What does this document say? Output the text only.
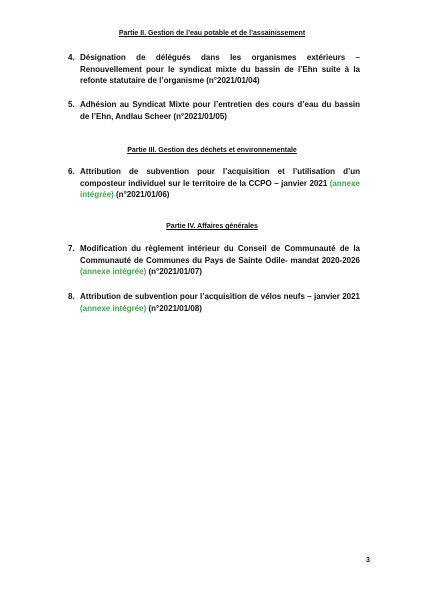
Partie II. Gestion de l’eau potable et de l’assainissement
4. Désignation de délégués dans les organismes extérieurs – Renouvellement pour le syndicat mixte du bassin de l’Ehn suite à la refonte statutaire de l’organisme (n°2021/01/04)
5. Adhésion au Syndicat Mixte pour l’entretien des cours d’eau du bassin de l’Ehn, Andlau Scheer (n°2021/01/05)
Partie III. Gestion des déchets et environnementale
6. Attribution de subvention pour l’acquisition et l’utilisation d’un composteur individuel sur le territoire de la CCPO – janvier 2021 (annexe intégrée) (n°2021/01/06)
Partie IV. Affaires générales
7. Modification du règlement intérieur du Conseil de Communauté de la Communauté de Communes du Pays de Sainte Odile- mandat 2020-2026 (annexe intégrée) (n°2021/01/07)
8. Attribution de subvention pour l’acquisition de vélos neufs – janvier 2021 (annexe intégrée) (n°2021/01/08)
3
